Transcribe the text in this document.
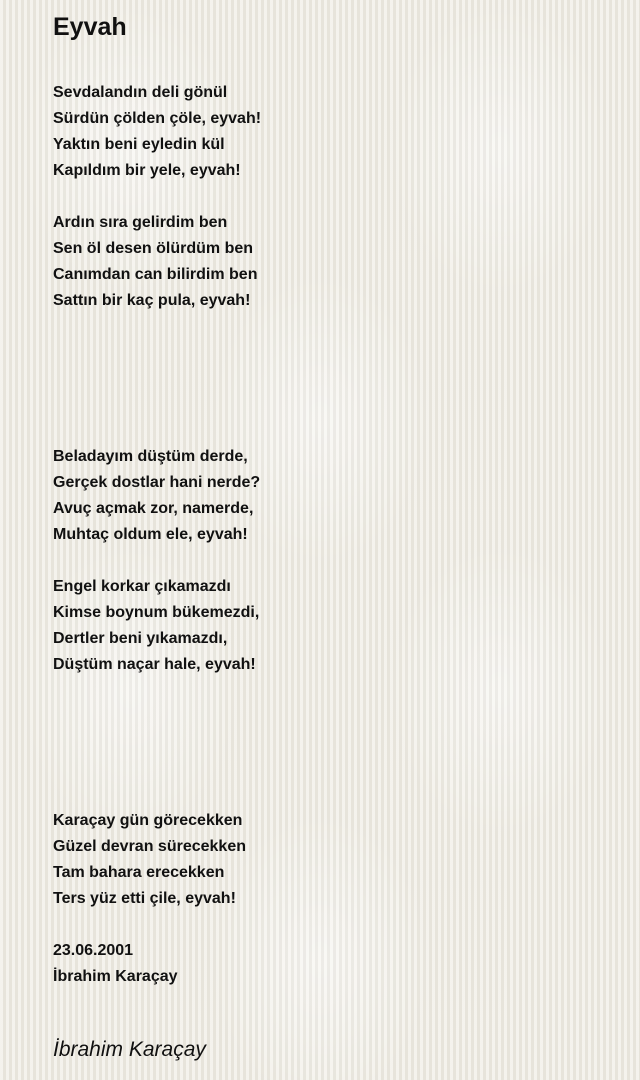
Eyvah
Sevdalandın deli gönül
Sürdün çölden çöle, eyvah!
Yaktın beni eyledin kül
Kapıldım bir yele, eyvah!
Ardın sıra gelirdim ben
Sen öl desen ölürdüm ben
Canımdan can bilirdim ben
Sattın bir kaç pula, eyvah!
Beladayım düştüm derde,
Gerçek dostlar hani nerde?
Avuç açmak zor, namerde,
Muhtaç oldum ele, eyvah!
Engel korkar çıkamazdı
Kimse boynum bükemezdi,
Dertler beni yıkamazdı,
Düştüm naçar hale, eyvah!
Karaçay gün görecekken
Güzel devran sürecekken
Tam bahara erecekken
Ters yüz etti çile, eyvah!
23.06.2001
İbrahim Karaçay
İbrahim Karaçay
